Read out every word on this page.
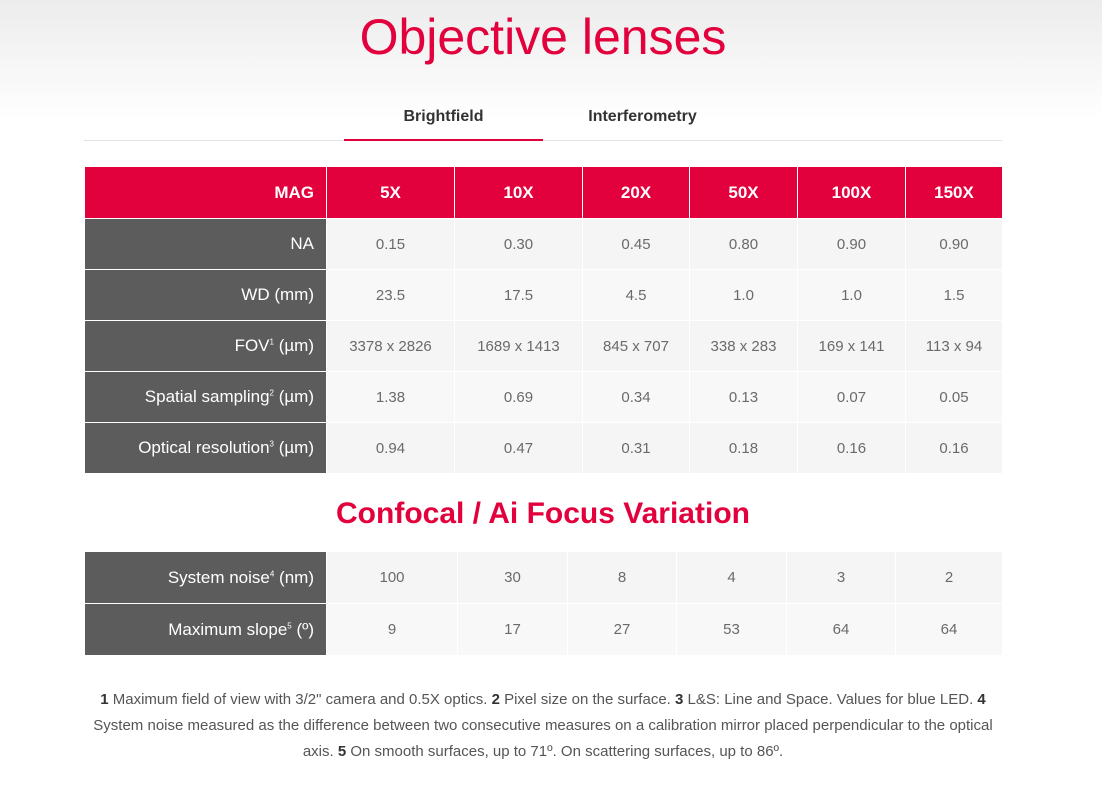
Objective lenses
Brightfield	Interferometry
MAG	5X	10X	20X	50X	100X	150X
NA	0.15	0.30	0.45	0.80	0.90	0.90
WD (mm)	23.5	17.5	4.5	1.0	1.0	1.5
FOV$^1$ (µm)	3378 x 2826	1689 x 1413	845 x 707	338 x 283	169 x 141	113 x 94
Spatial sampling$^2$ (µm)	1.38	0.69	0.34	0.13	0.07	0.05
Optical resolution$^3$ (µm)	0.94	0.47	0.31	0.18	0.16	0.16
Confocal / Ai Focus Variation
System noise$^4$ (nm)	100	30	8	4	3	2
Maximum slope$^5$ (º)	9	17	27	53	64	64
1 Maximum field of view with 3/2" camera and 0.5X optics. 2 Pixel size on the surface. 3 L&S: Line and Space. Values for blue LED. 4 System noise measured as the difference between two consecutive measures on a calibration mirror placed perpendicular to the optical axis. 5 On smooth surfaces, up to 71º. On scattering surfaces, up to 86º.
